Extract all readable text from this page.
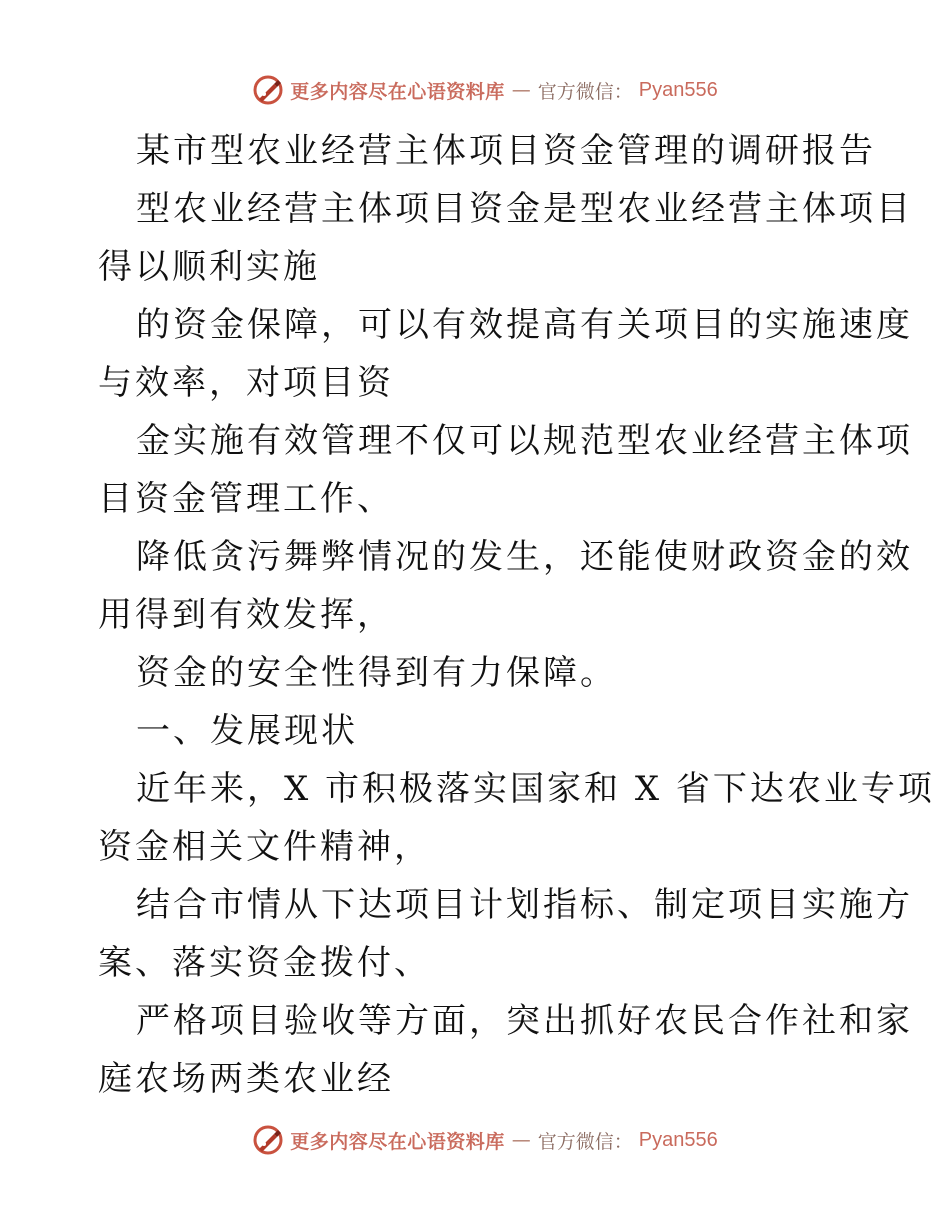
更多内容尽在心语资料库 — 官方微信： Pyan556
某市型农业经营主体项目资金管理的调研报告
型农业经营主体项目资金是型农业经营主体项目
得以顺利实施
的资金保障，可以有效提高有关项目的实施速度
与效率，对项目资
金实施有效管理不仅可以规范型农业经营主体项
目资金管理工作、
降低贪污舞弊情况的发生，还能使财政资金的效
用得到有效发挥，
资金的安全性得到有力保障。
一、发展现状
近年来，X 市积极落实国家和 X 省下达农业专项
资金相关文件精神，
结合市情从下达项目计划指标、制定项目实施方
案、落实资金拨付、
严格项目验收等方面，突出抓好农民合作社和家
庭农场两类农业经
更多内容尽在心语资料库 — 官方微信： Pyan556
